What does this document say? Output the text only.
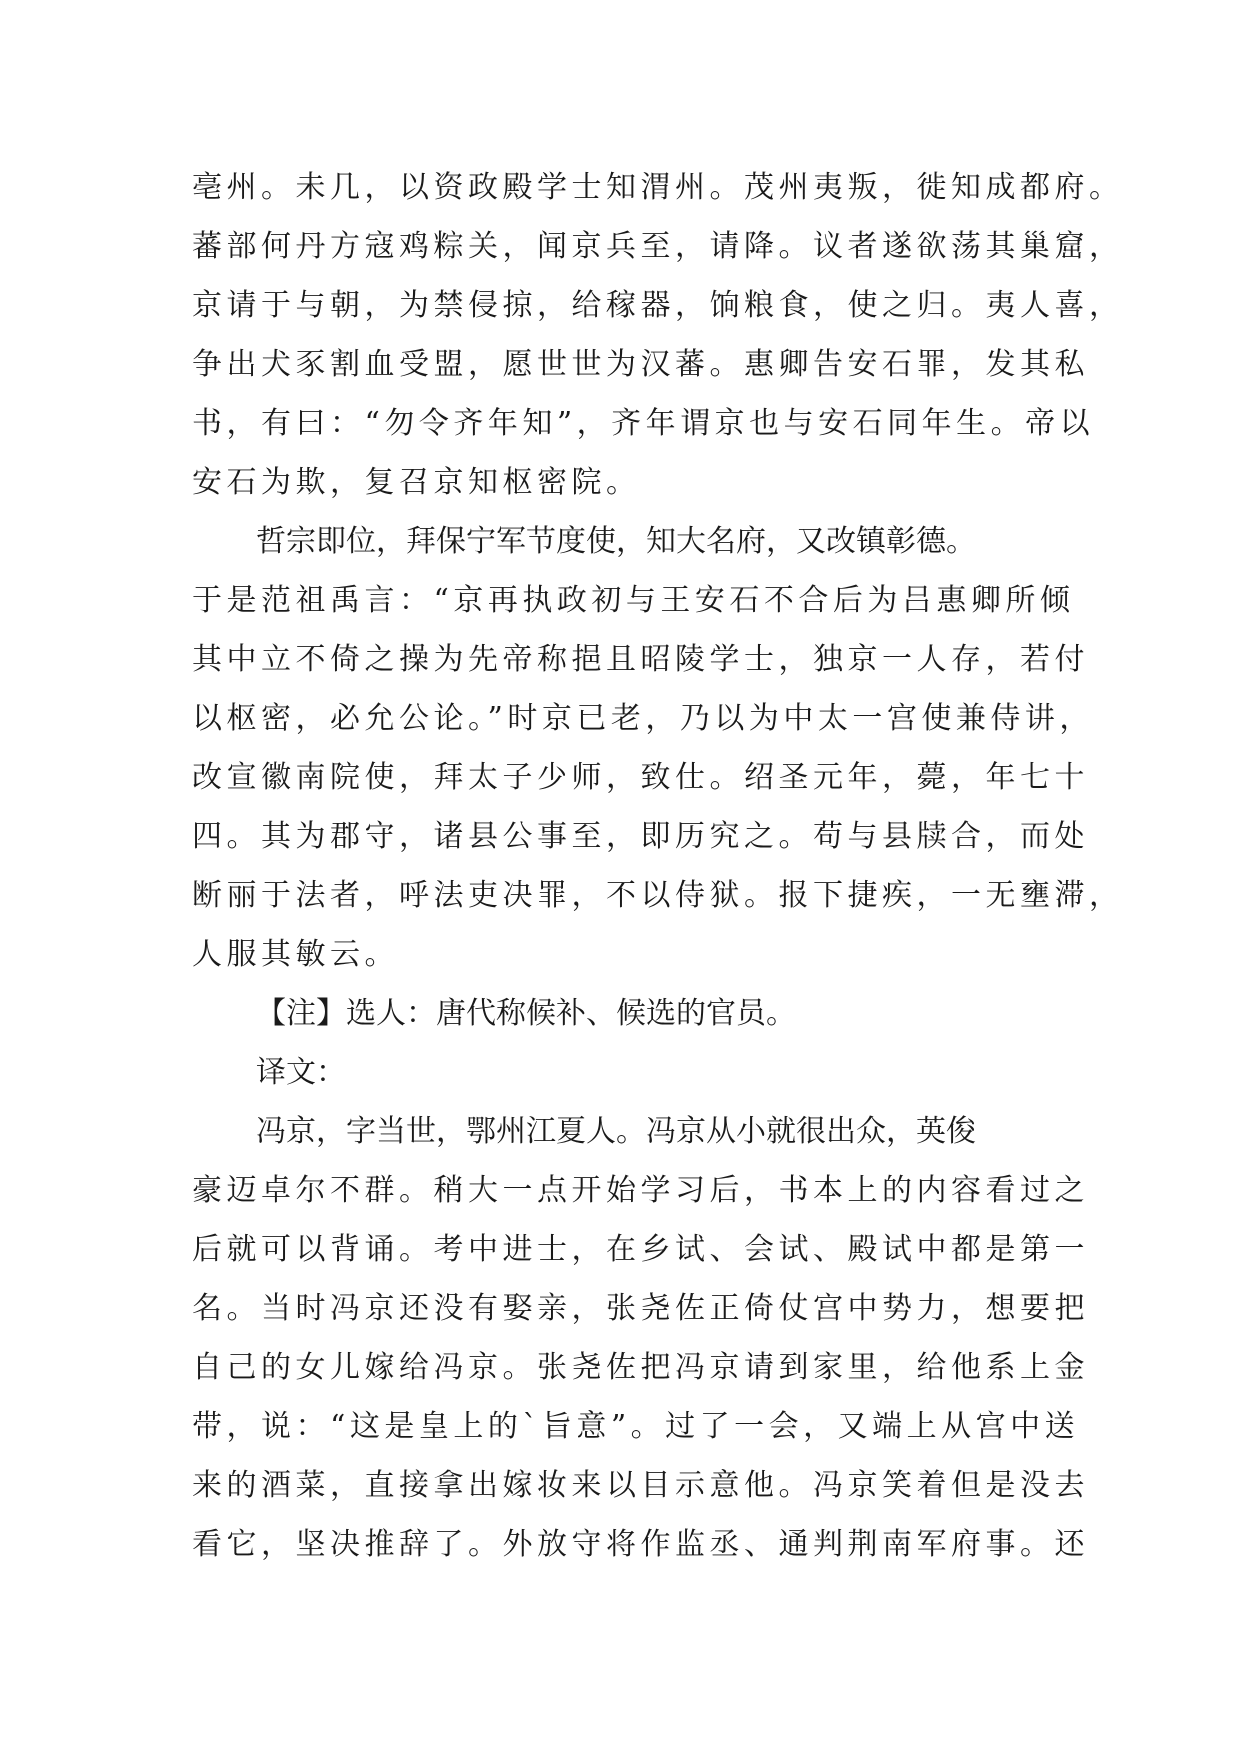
亳州。未几，以资政殿学士知渭州。茂州夷叛，徙知成都府。
蕃部何丹方寇鸡粽关，闻京兵至，请降。议者遂欲荡其巢窟，
京请于与朝，为禁侵掠，给稼器，饷粮食，使之归。夷人喜，
争出犬豕割血受盟，愿世世为汉蕃。惠卿告安石罪，发其私
书，有曰：“勿令齐年知”，齐年谓京也与安石同年生。帝以
安石为欺，复召京知枢密院。
哲宗即位，拜保宁军节度使，知大名府，又改镇彰德。
于是范祖禹言：“京再执政初与王安石不合后为吕惠卿所倾
其中立不倚之操为先帝称挹且昭陵学士，独京一人存，若付
以枢密，必允公论。”时京已老，乃以为中太一宫使兼侍讲，
改宣徽南院使，拜太子少师，致仕。绍圣元年，薨，年七十
四。其为郡守，诸县公事至，即历究之。苟与县牍合，而处
断丽于法者，呼法吏决罪，不以侍狱。报下捷疾，一无壅滞，
人服其敏云。
【注】选人：唐代称候补、候选的官员。
译文：
冯京，字当世，鄂州江夏人。冯京从小就很出众，英俊
豪迈卓尔不群。稍大一点开始学习后，书本上的内容看过之
后就可以背诵。考中进士，在乡试、会试、殿试中都是第一
名。当时冯京还没有娶亲，张尧佐正倚仗宫中势力，想要把
自己的女儿嫁给冯京。张尧佐把冯京请到家里，给他系上金
带，说：“这是皇上的`旨意”。过了一会，又端上从宫中送
来的酒菜，直接拿出嫁妆来以目示意他。冯京笑着但是没去
看它，坚决推辞了。外放守将作监丞、通判荆南军府事。还
